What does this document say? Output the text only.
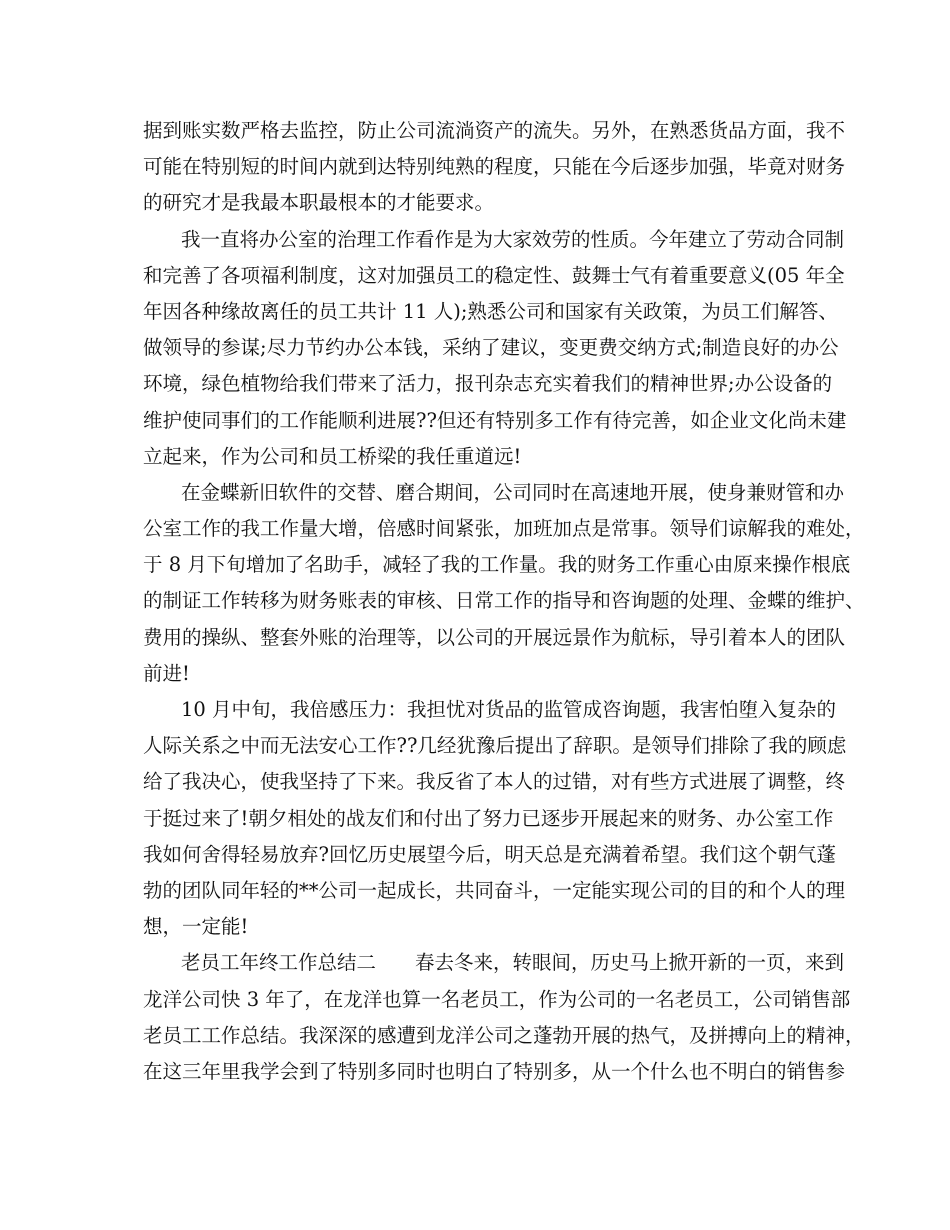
据到账实数严格去监控，防止公司流淌资产的流失。另外，在熟悉货品方面，我不
可能在特别短的时间内就到达特别纯熟的程度，只能在今后逐步加强，毕竟对财务
的研究才是我最本职最根本的才能要求。
我一直将办公室的治理工作看作是为大家效劳的性质。今年建立了劳动合同制
和完善了各项福利制度，这对加强员工的稳定性、鼓舞士气有着重要意义(05 年全
年因各种缘故离任的员工共计 11 人);熟悉公司和国家有关政策，为员工们解答、
做领导的参谋;尽力节约办公本钱，采纳了建议，变更费交纳方式;制造良好的办公
环境，绿色植物给我们带来了活力，报刊杂志充实着我们的精神世界;办公设备的
维护使同事们的工作能顺利进展??但还有特别多工作有待完善，如企业文化尚未建
立起来，作为公司和员工桥梁的我任重道远!
在金蝶新旧软件的交替、磨合期间，公司同时在高速地开展，使身兼财管和办
公室工作的我工作量大增，倍感时间紧张，加班加点是常事。领导们谅解我的难处，
于 8 月下旬增加了名助手，减轻了我的工作量。我的财务工作重心由原来操作根底
的制证工作转移为财务账表的审核、日常工作的指导和咨询题的处理、金蝶的维护、
费用的操纵、整套外账的治理等，以公司的开展远景作为航标，导引着本人的团队
前进!
10 月中旬，我倍感压力：我担忧对货品的监管成咨询题，我害怕堕入复杂的
人际关系之中而无法安心工作??几经犹豫后提出了辞职。是领导们排除了我的顾虑
给了我决心，使我坚持了下来。我反省了本人的过错，对有些方式进展了调整，终
于挺过来了!朝夕相处的战友们和付出了努力已逐步开展起来的财务、办公室工作
我如何舍得轻易放弃?回忆历史展望今后，明天总是充满着希望。我们这个朝气蓬
勃的团队同年轻的**公司一起成长，共同奋斗，一定能实现公司的目的和个人的理
想，一定能!
老员工年终工作总结二　　春去冬来，转眼间，历史马上掀开新的一页，来到
龙洋公司快 3 年了，在龙洋也算一名老员工，作为公司的一名老员工，公司销售部
老员工工作总结。我深深的感遭到龙洋公司之蓬勃开展的热气，及拼搏向上的精神，
在这三年里我学会到了特别多同时也明白了特别多，从一个什么也不明白的销售参
